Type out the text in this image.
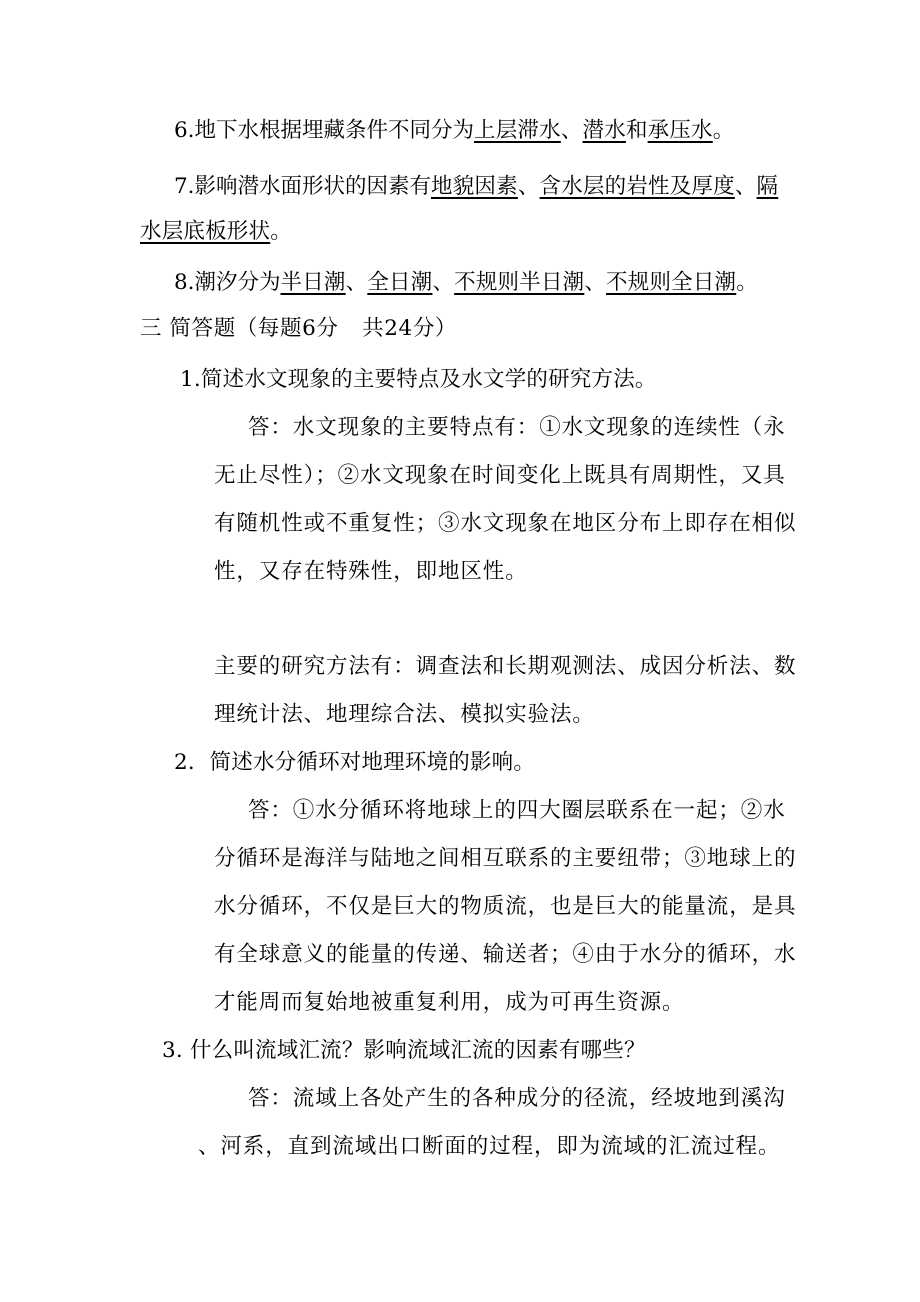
6.地下水根据埋藏条件不同分为上层滞水、潜水和承压水。
7.影响潜水面形状的因素有地貌因素、含水层的岩性及厚度、隔
水层底板形状。
8.潮汐分为半日潮、全日潮、不规则半日潮、不规则全日潮。
三 简答题（每题6分 共24分）
1.简述水文现象的主要特点及水文学的研究方法。
答：水文现象的主要特点有：①水文现象的连续性（永
无止尽性）；②水文现象在时间变化上既具有周期性，又具
有随机性或不重复性；③水文现象在地区分布上即存在相似
性，又存在特殊性，即地区性。
主要的研究方法有：调查法和长期观测法、成因分析法、数
理统计法、地理综合法、模拟实验法。
2．简述水分循环对地理环境的影响。
答：①水分循环将地球上的四大圈层联系在一起；②水
分循环是海洋与陆地之间相互联系的主要纽带；③地球上的
水分循环，不仅是巨大的物质流，也是巨大的能量流，是具
有全球意义的能量的传递、输送者；④由于水分的循环，水
才能周而复始地被重复利用，成为可再生资源。
3. 什么叫流域汇流？影响流域汇流的因素有哪些？
答：流域上各处产生的各种成分的径流，经坡地到溪沟
、河系，直到流域出口断面的过程，即为流域的汇流过程。
